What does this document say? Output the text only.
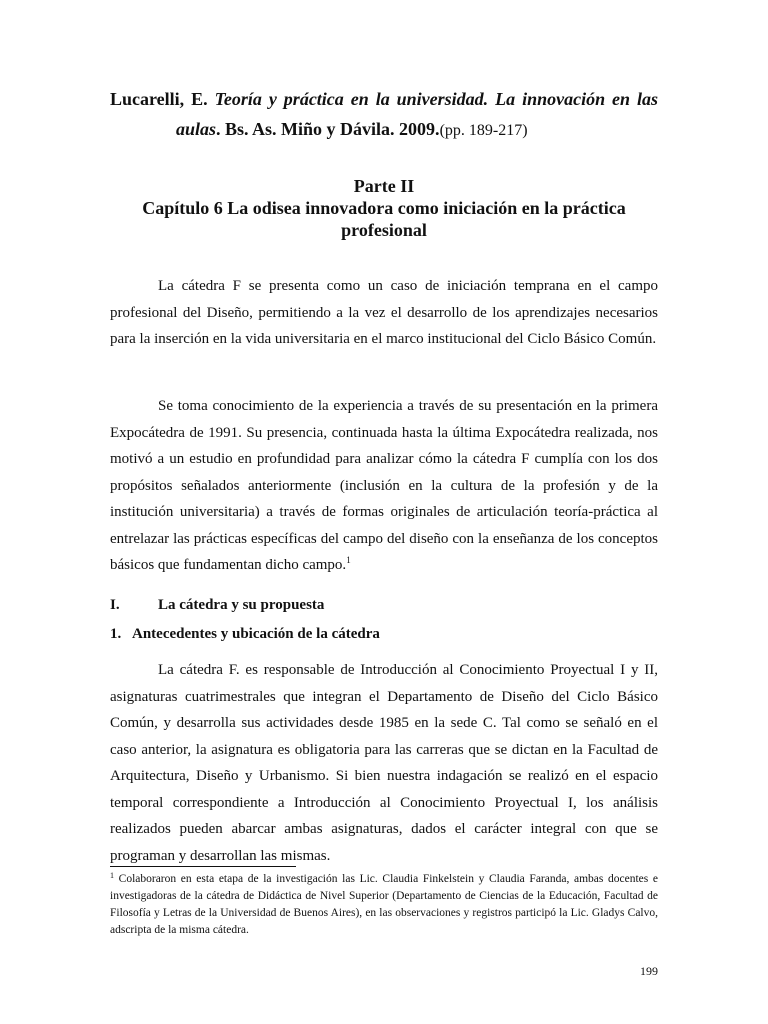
Lucarelli, E. Teoría y práctica en la universidad. La innovación en las
aulas. Bs. As. Miño y Dávila. 2009.(pp. 189-217)
Parte II
Capítulo 6 La odisea innovadora como iniciación en la práctica profesional

La cátedra F se presenta como un caso de iniciación temprana en el campo profesional del Diseño, permitiendo a la vez el desarrollo de los aprendizajes necesarios para la inserción en la vida universitaria en el marco institucional del Ciclo Básico Común.

Se toma conocimiento de la experiencia a través de su presentación en la primera Expocátedra de 1991. Su presencia, continuada hasta la última Expocátedra realizada, nos motivó a un estudio en profundidad para analizar cómo la cátedra F cumplía con los dos propósitos señalados anteriormente (inclusión en la cultura de la profesión y de la institución universitaria) a través de formas originales de articulación teoría-práctica al entrelazar las prácticas específicas del campo del diseño con la enseñanza de los conceptos básicos que fundamentan dicho campo.$^1$

I.	La cátedra y su propuesta
1. Antecedentes y ubicación de la cátedra

La cátedra F. es responsable de Introducción al Conocimiento Proyectual I y II, asignaturas cuatrimestrales que integran el Departamento de Diseño del Ciclo Básico Común, y desarrolla sus actividades desde 1985 en la sede C. Tal como se señaló en el caso anterior, la asignatura es obligatoria para las carreras que se dictan en la Facultad de Arquitectura, Diseño y Urbanismo. Si bien nuestra indagación se realizó en el espacio temporal correspondiente a Introducción al Conocimiento Proyectual I, los análisis realizados pueden abarcar ambas asignaturas, dados el carácter integral con que se programan y desarrollan las mismas.

$^1$ Colaboraron en esta etapa de la investigación las Lic. Claudia Finkelstein y Claudia Faranda, ambas docentes e investigadoras de la cátedra de Didáctica de Nivel Superior (Departamento de Ciencias de la Educación, Facultad de Filosofía y Letras de la Universidad de Buenos Aires), en las observaciones y registros participó la Lic. Gladys Calvo, adscripta de la misma cátedra.

199
